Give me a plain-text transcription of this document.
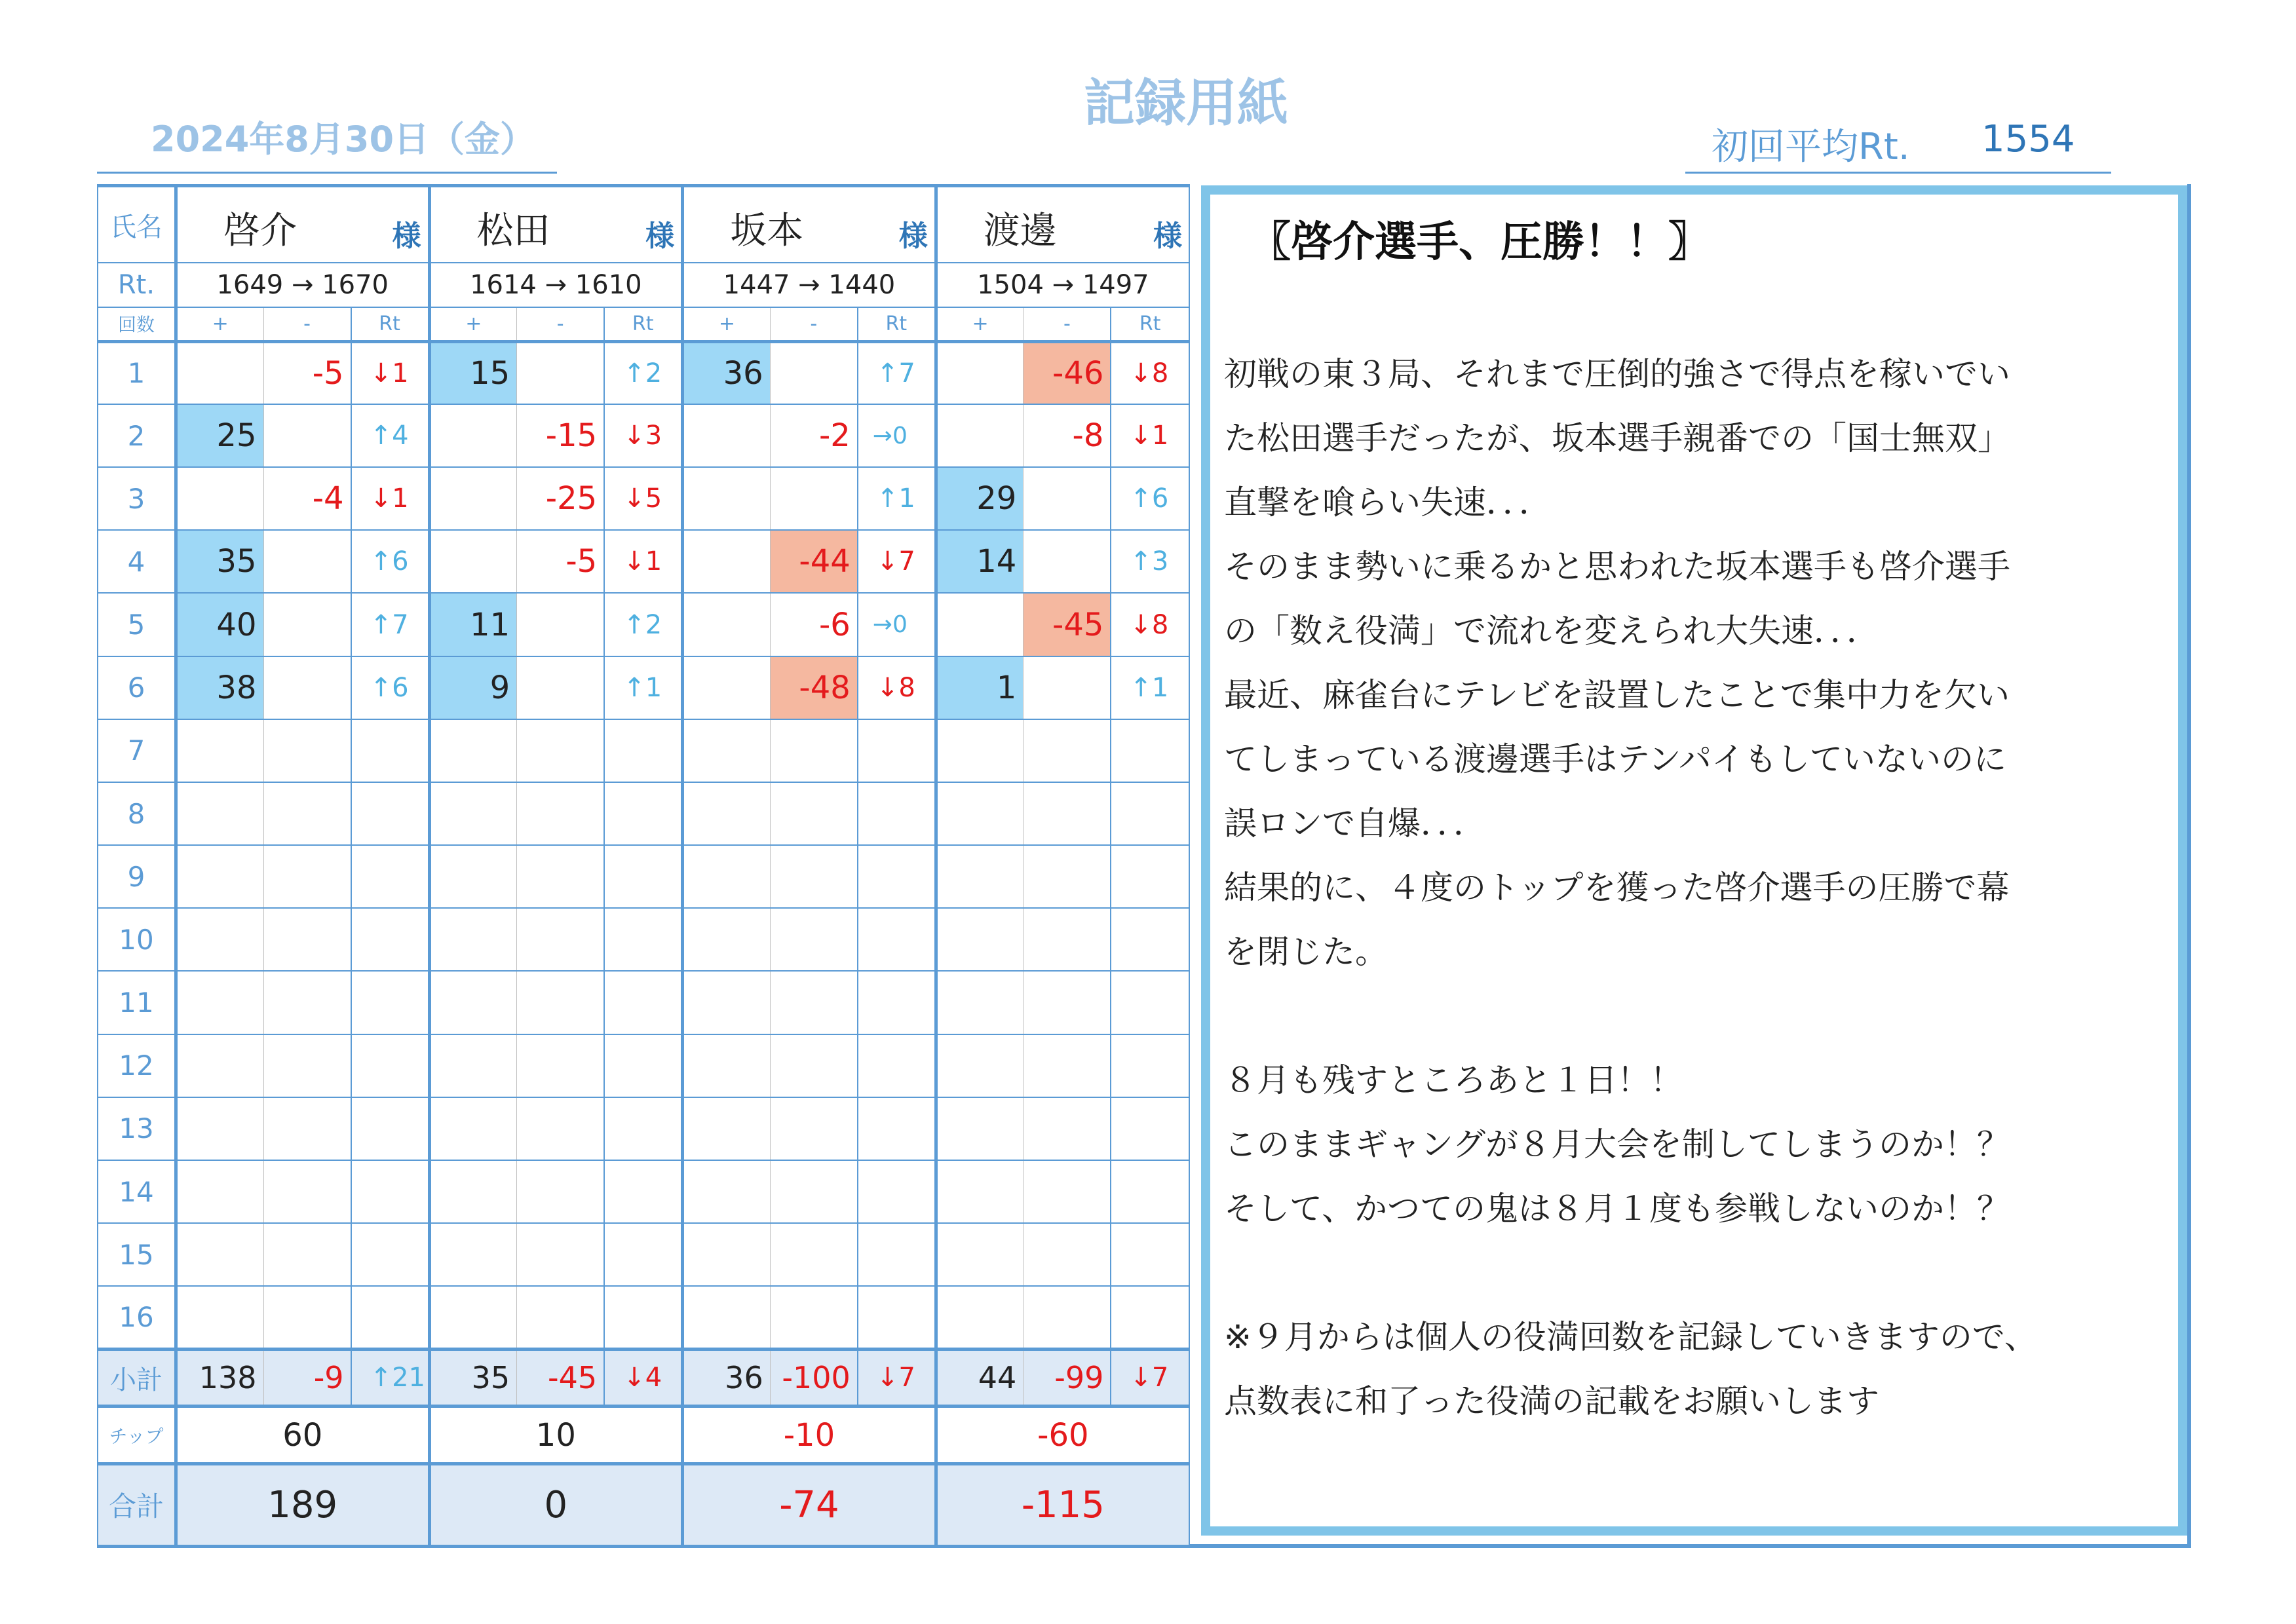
記録用紙
2024年8月30日（金）	初回平均Rt. 1554
氏名	啓介 様			松田 様			坂本 様			渡邊 様		

Rt.	1649 → 1670			1614 → 1610			1447 → 1440			1504 → 1497		
回数	+	-	Rt	+	-	Rt	+	-	Rt	+	-	Rt
1		-5	↓1	15		↑2	36		↑7		-46	↓8
2	25		↑4		-15	↓3		-2	→0		-8	↓1
3		-4	↓1		-25	↓5			↑1	29		↑6
4	35		↑6		-5	↓1		-44	↓7	14		↑3
5	40		↑7	11		↑2		-6	→0		-45	↓8
6	38		↑6	9		↑1		-48	↓8	1		↑1
7												
8												
9												
10												
11												
12												
13												
14												
15												
16												
小計	138	-9	↑21	35	-45	↓4	36	-100	↓7	44	-99	↓7
チップ	60			10			-10			-60		
合計	189			0			-74			-115		
〖啓介選手、圧勝！！〗
初戦の東３局、それまで圧倒的強さで得点を稼いでい
た松田選手だったが、坂本選手親番での「国士無双」
直撃を喰らい失速．．．
そのまま勢いに乗るかと思われた坂本選手も啓介選手
の「数え役満」で流れを変えられ大失速．．．
最近、麻雀台にテレビを設置したことで集中力を欠い
てしまっている渡邊選手はテンパイもしていないのに
誤ロンで自爆．．．
結果的に、４度のトップを獲った啓介選手の圧勝で幕
を閉じた。
８月も残すところあと１日！！
このままギャングが８月大会を制してしまうのか！？
そして、かつての鬼は８月１度も参戦しないのか！？
※９月からは個人の役満回数を記録していきますので、
点数表に和了った役満の記載をお願いします
